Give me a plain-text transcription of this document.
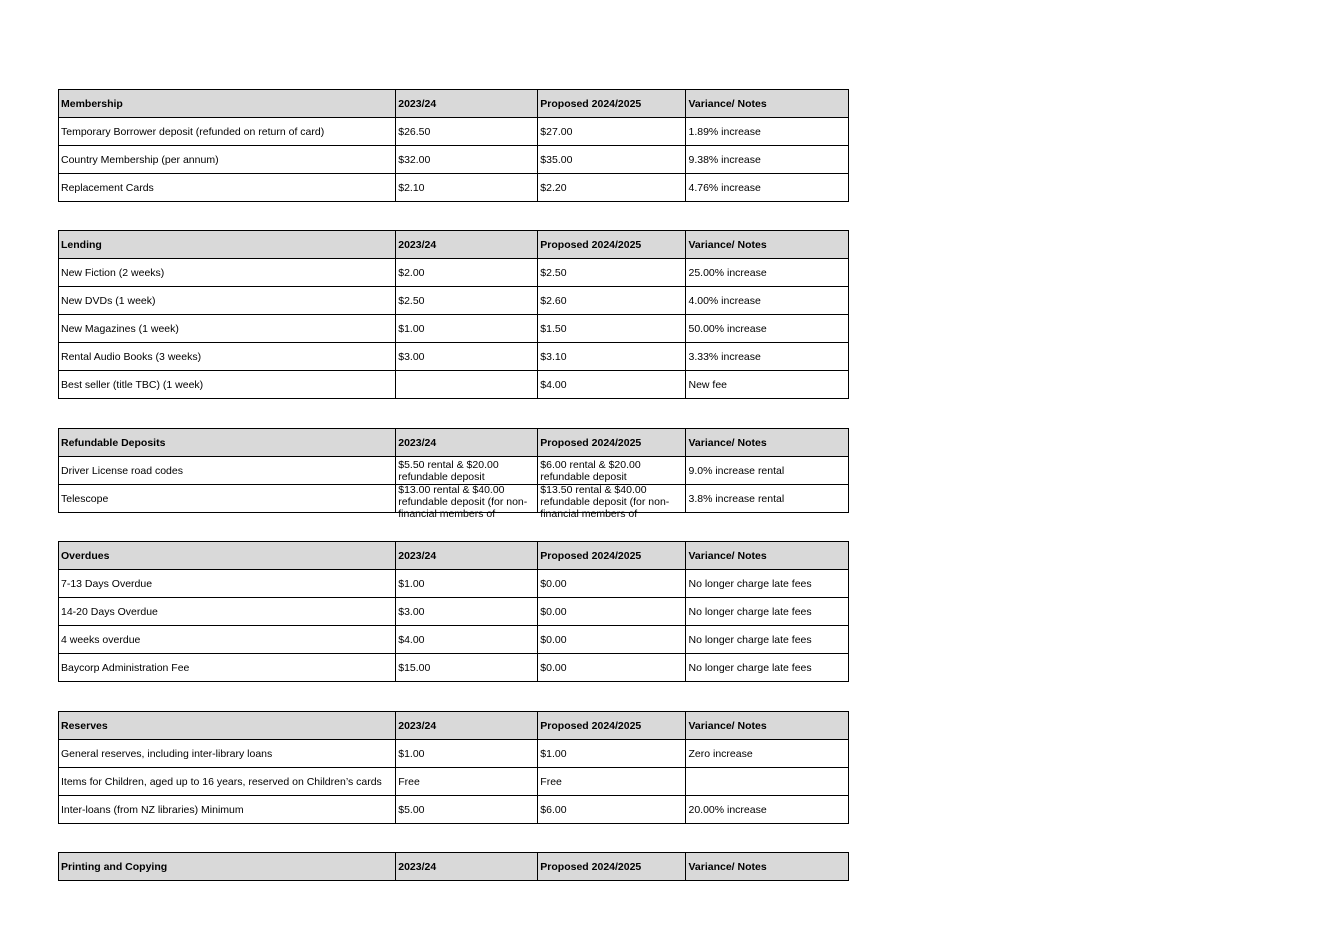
Membership	2023/24	Proposed 2024/2025	Variance/ Notes
Temporary Borrower deposit (refunded on return of card)	$26.50	$27.00	1.89% increase
Country Membership (per annum)	$32.00	$35.00	9.38% increase
Replacement Cards	$2.10	$2.20	4.76% increase
Lending	2023/24	Proposed 2024/2025	Variance/ Notes
New Fiction (2 weeks)	$2.00	$2.50	25.00% increase
New DVDs (1 week)	$2.50	$2.60	4.00% increase
New Magazines (1 week)	$1.00	$1.50	50.00% increase
Rental Audio Books (3 weeks)	$3.00	$3.10	3.33% increase
Best seller (title TBC) (1 week)		$4.00	New fee
Refundable Deposits	2023/24	Proposed 2024/2025	Variance/ Notes
Driver License road codes	$5.50 rental & $20.00 refundable deposit	$6.00 rental & $20.00 refundable deposit	9.0% increase rental
Telescope	$13.00 rental & $40.00 refundable deposit (for non-financial members of	$13.50 rental & $40.00 refundable deposit (for non-financial members of	3.8% increase rental
Overdues	2023/24	Proposed 2024/2025	Variance/ Notes
7-13 Days Overdue	$1.00	$0.00	No longer charge late fees
14-20 Days Overdue	$3.00	$0.00	No longer charge late fees
4 weeks overdue	$4.00	$0.00	No longer charge late fees
Baycorp Administration Fee	$15.00	$0.00	No longer charge late fees
Reserves	2023/24	Proposed 2024/2025	Variance/ Notes
General reserves, including inter-library loans	$1.00	$1.00	Zero increase
Items for Children, aged up to 16 years, reserved on Children’s cards	Free	Free	
Inter-loans (from NZ libraries) Minimum	$5.00	$6.00	20.00% increase
Printing and Copying	2023/24	Proposed 2024/2025	Variance/ Notes
